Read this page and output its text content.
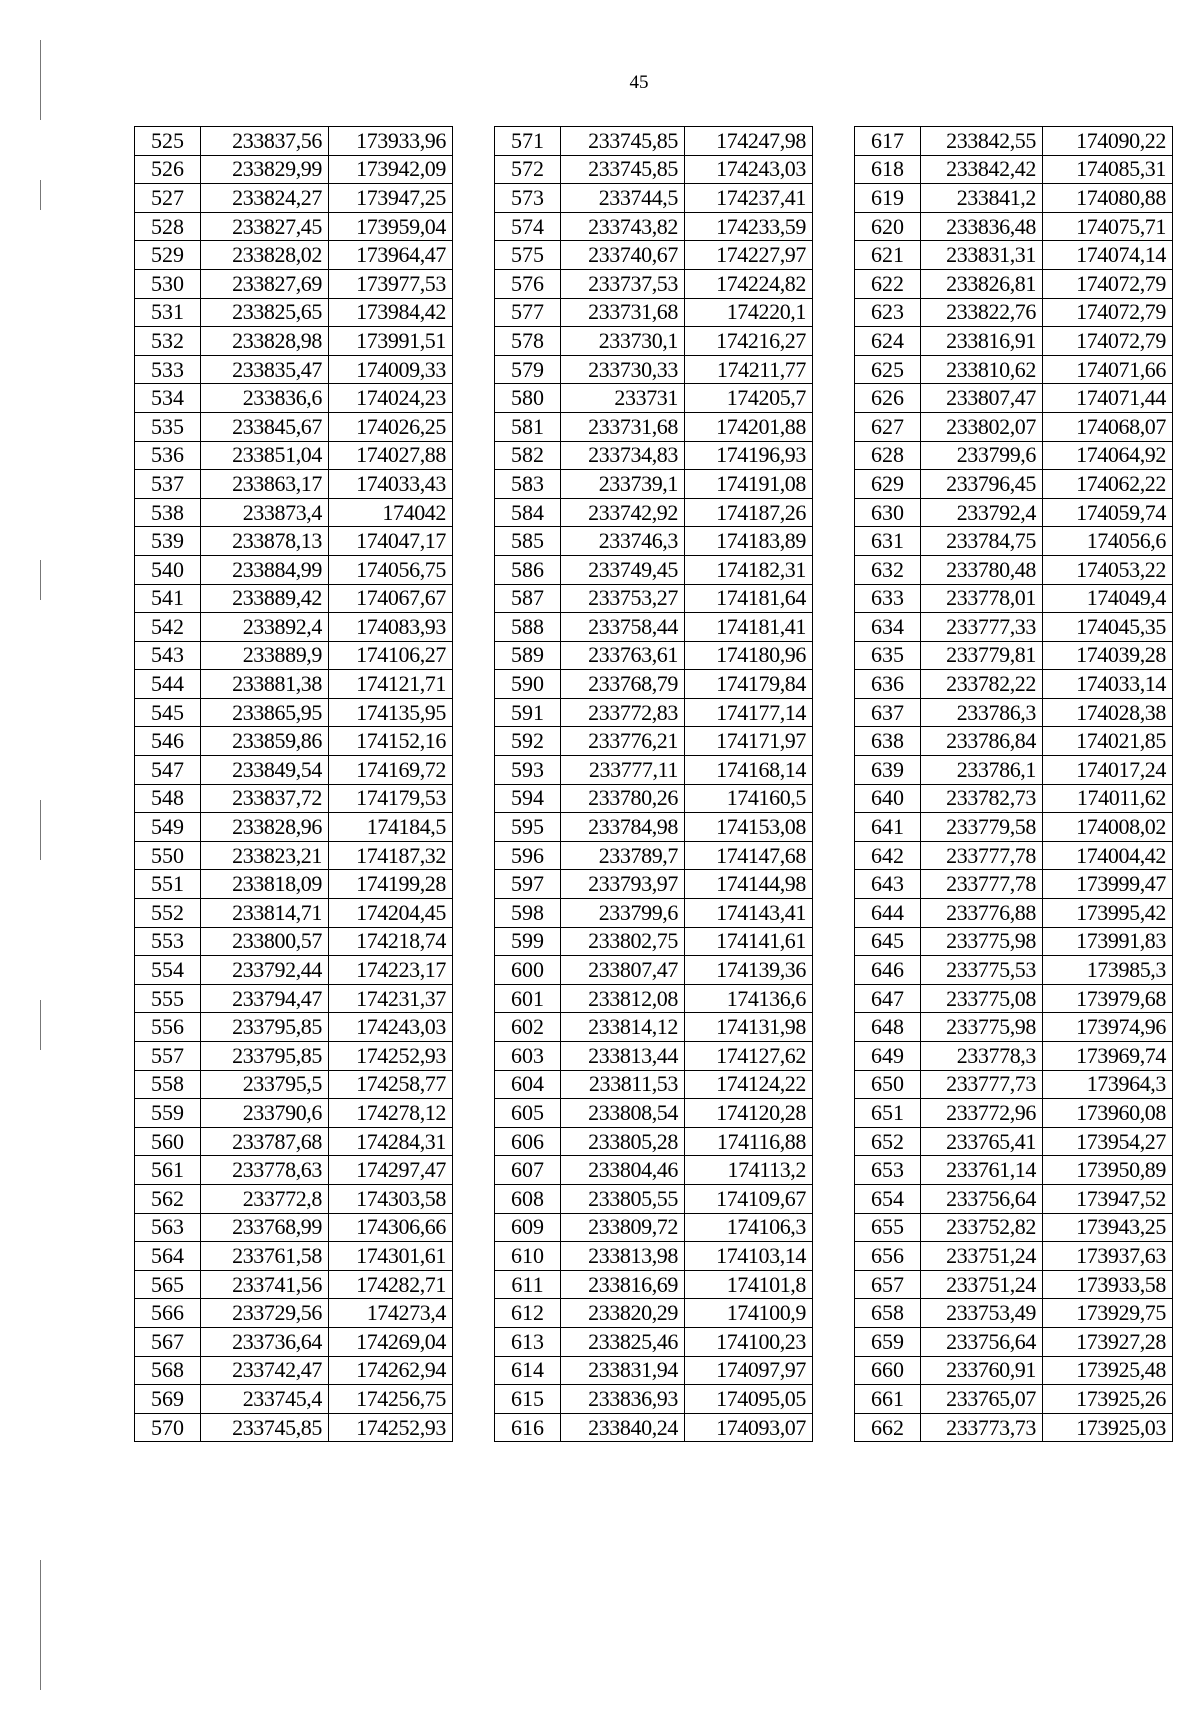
45
525	233837,56	173933,96
526	233829,99	173942,09
527	233824,27	173947,25
528	233827,45	173959,04
529	233828,02	173964,47
530	233827,69	173977,53
531	233825,65	173984,42
532	233828,98	173991,51
533	233835,47	174009,33
534	233836,6	174024,23
535	233845,67	174026,25
536	233851,04	174027,88
537	233863,17	174033,43
538	233873,4	174042
539	233878,13	174047,17
540	233884,99	174056,75
541	233889,42	174067,67
542	233892,4	174083,93
543	233889,9	174106,27
544	233881,38	174121,71
545	233865,95	174135,95
546	233859,86	174152,16
547	233849,54	174169,72
548	233837,72	174179,53
549	233828,96	174184,5
550	233823,21	174187,32
551	233818,09	174199,28
552	233814,71	174204,45
553	233800,57	174218,74
554	233792,44	174223,17
555	233794,47	174231,37
556	233795,85	174243,03
557	233795,85	174252,93
558	233795,5	174258,77
559	233790,6	174278,12
560	233787,68	174284,31
561	233778,63	174297,47
562	233772,8	174303,58
563	233768,99	174306,66
564	233761,58	174301,61
565	233741,56	174282,71
566	233729,56	174273,4
567	233736,64	174269,04
568	233742,47	174262,94
569	233745,4	174256,75
570	233745,85	174252,93
571	233745,85	174247,98
572	233745,85	174243,03
573	233744,5	174237,41
574	233743,82	174233,59
575	233740,67	174227,97
576	233737,53	174224,82
577	233731,68	174220,1
578	233730,1	174216,27
579	233730,33	174211,77
580	233731	174205,7
581	233731,68	174201,88
582	233734,83	174196,93
583	233739,1	174191,08
584	233742,92	174187,26
585	233746,3	174183,89
586	233749,45	174182,31
587	233753,27	174181,64
588	233758,44	174181,41
589	233763,61	174180,96
590	233768,79	174179,84
591	233772,83	174177,14
592	233776,21	174171,97
593	233777,11	174168,14
594	233780,26	174160,5
595	233784,98	174153,08
596	233789,7	174147,68
597	233793,97	174144,98
598	233799,6	174143,41
599	233802,75	174141,61
600	233807,47	174139,36
601	233812,08	174136,6
602	233814,12	174131,98
603	233813,44	174127,62
604	233811,53	174124,22
605	233808,54	174120,28
606	233805,28	174116,88
607	233804,46	174113,2
608	233805,55	174109,67
609	233809,72	174106,3
610	233813,98	174103,14
611	233816,69	174101,8
612	233820,29	174100,9
613	233825,46	174100,23
614	233831,94	174097,97
615	233836,93	174095,05
616	233840,24	174093,07
617	233842,55	174090,22
618	233842,42	174085,31
619	233841,2	174080,88
620	233836,48	174075,71
621	233831,31	174074,14
622	233826,81	174072,79
623	233822,76	174072,79
624	233816,91	174072,79
625	233810,62	174071,66
626	233807,47	174071,44
627	233802,07	174068,07
628	233799,6	174064,92
629	233796,45	174062,22
630	233792,4	174059,74
631	233784,75	174056,6
632	233780,48	174053,22
633	233778,01	174049,4
634	233777,33	174045,35
635	233779,81	174039,28
636	233782,22	174033,14
637	233786,3	174028,38
638	233786,84	174021,85
639	233786,1	174017,24
640	233782,73	174011,62
641	233779,58	174008,02
642	233777,78	174004,42
643	233777,78	173999,47
644	233776,88	173995,42
645	233775,98	173991,83
646	233775,53	173985,3
647	233775,08	173979,68
648	233775,98	173974,96
649	233778,3	173969,74
650	233777,73	173964,3
651	233772,96	173960,08
652	233765,41	173954,27
653	233761,14	173950,89
654	233756,64	173947,52
655	233752,82	173943,25
656	233751,24	173937,63
657	233751,24	173933,58
658	233753,49	173929,75
659	233756,64	173927,28
660	233760,91	173925,48
661	233765,07	173925,26
662	233773,73	173925,03
